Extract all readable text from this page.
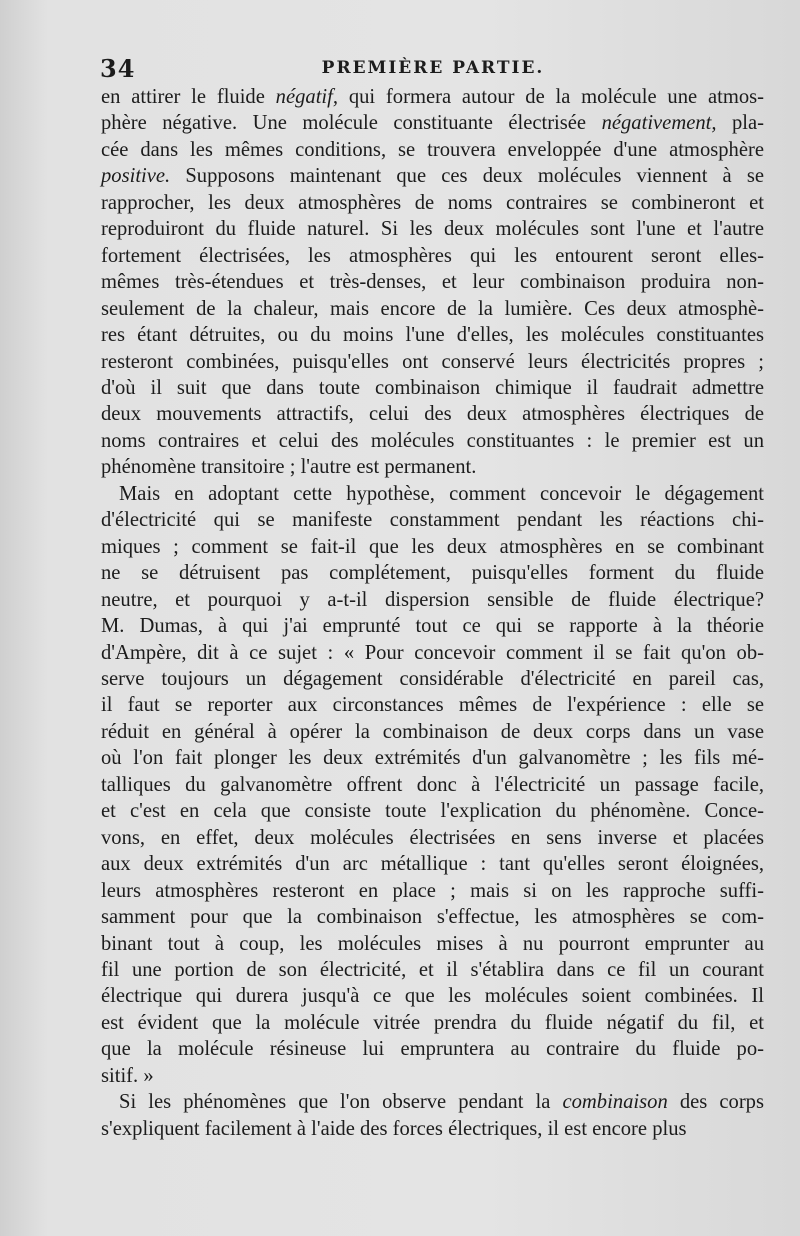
34	PREMIÈRE PARTIE.

en attirer le fluide négatif, qui formera autour de la molécule une atmos-

phère négative. Une molécule constituante électrisée négativement, pla-

cée dans les mêmes conditions, se trouvera enveloppée d'une atmosphère

positive. Supposons maintenant que ces deux molécules viennent à se

rapprocher, les deux atmosphères de noms contraires se combineront et

reproduiront du fluide naturel. Si les deux molécules sont l'une et l'autre

fortement électrisées, les atmosphères qui les entourent seront elles-

mêmes très-étendues et très-denses, et leur combinaison produira non-

seulement de la chaleur, mais encore de la lumière. Ces deux atmosphè-

res étant détruites, ou du moins l'une d'elles, les molécules constituantes

resteront combinées, puisqu'elles ont conservé leurs électricités propres ;

d'où il suit que dans toute combinaison chimique il faudrait admettre

deux mouvements attractifs, celui des deux atmosphères électriques de

noms contraires et celui des molécules constituantes : le premier est un

phénomène transitoire ; l'autre est permanent.

Mais en adoptant cette hypothèse, comment concevoir le dégagement

d'électricité qui se manifeste constamment pendant les réactions chi-

miques ; comment se fait-il que les deux atmosphères en se combinant

ne se détruisent pas complétement, puisqu'elles forment du fluide

neutre, et pourquoi y a-t-il dispersion sensible de fluide électrique?

M. Dumas, à qui j'ai emprunté tout ce qui se rapporte à la théorie

d'Ampère, dit à ce sujet : « Pour concevoir comment il se fait qu'on ob-

serve toujours un dégagement considérable d'électricité en pareil cas,

il faut se reporter aux circonstances mêmes de l'expérience : elle se

réduit en général à opérer la combinaison de deux corps dans un vase

où l'on fait plonger les deux extrémités d'un galvanomètre ; les fils mé-

talliques du galvanomètre offrent donc à l'électricité un passage facile,

et c'est en cela que consiste toute l'explication du phénomène. Conce-

vons, en effet, deux molécules électrisées en sens inverse et placées

aux deux extrémités d'un arc métallique : tant qu'elles seront éloignées,

leurs atmosphères resteront en place ; mais si on les rapproche suffi-

samment pour que la combinaison s'effectue, les atmosphères se com-

binant tout à coup, les molécules mises à nu pourront emprunter au

fil une portion de son électricité, et il s'établira dans ce fil un courant

électrique qui durera jusqu'à ce que les molécules soient combinées. Il

est évident que la molécule vitrée prendra du fluide négatif du fil, et

que la molécule résineuse lui empruntera au contraire du fluide po-

sitif. »

Si les phénomènes que l'on observe pendant la combinaison des corps

s'expliquent facilement à l'aide des forces électriques, il est encore plus
